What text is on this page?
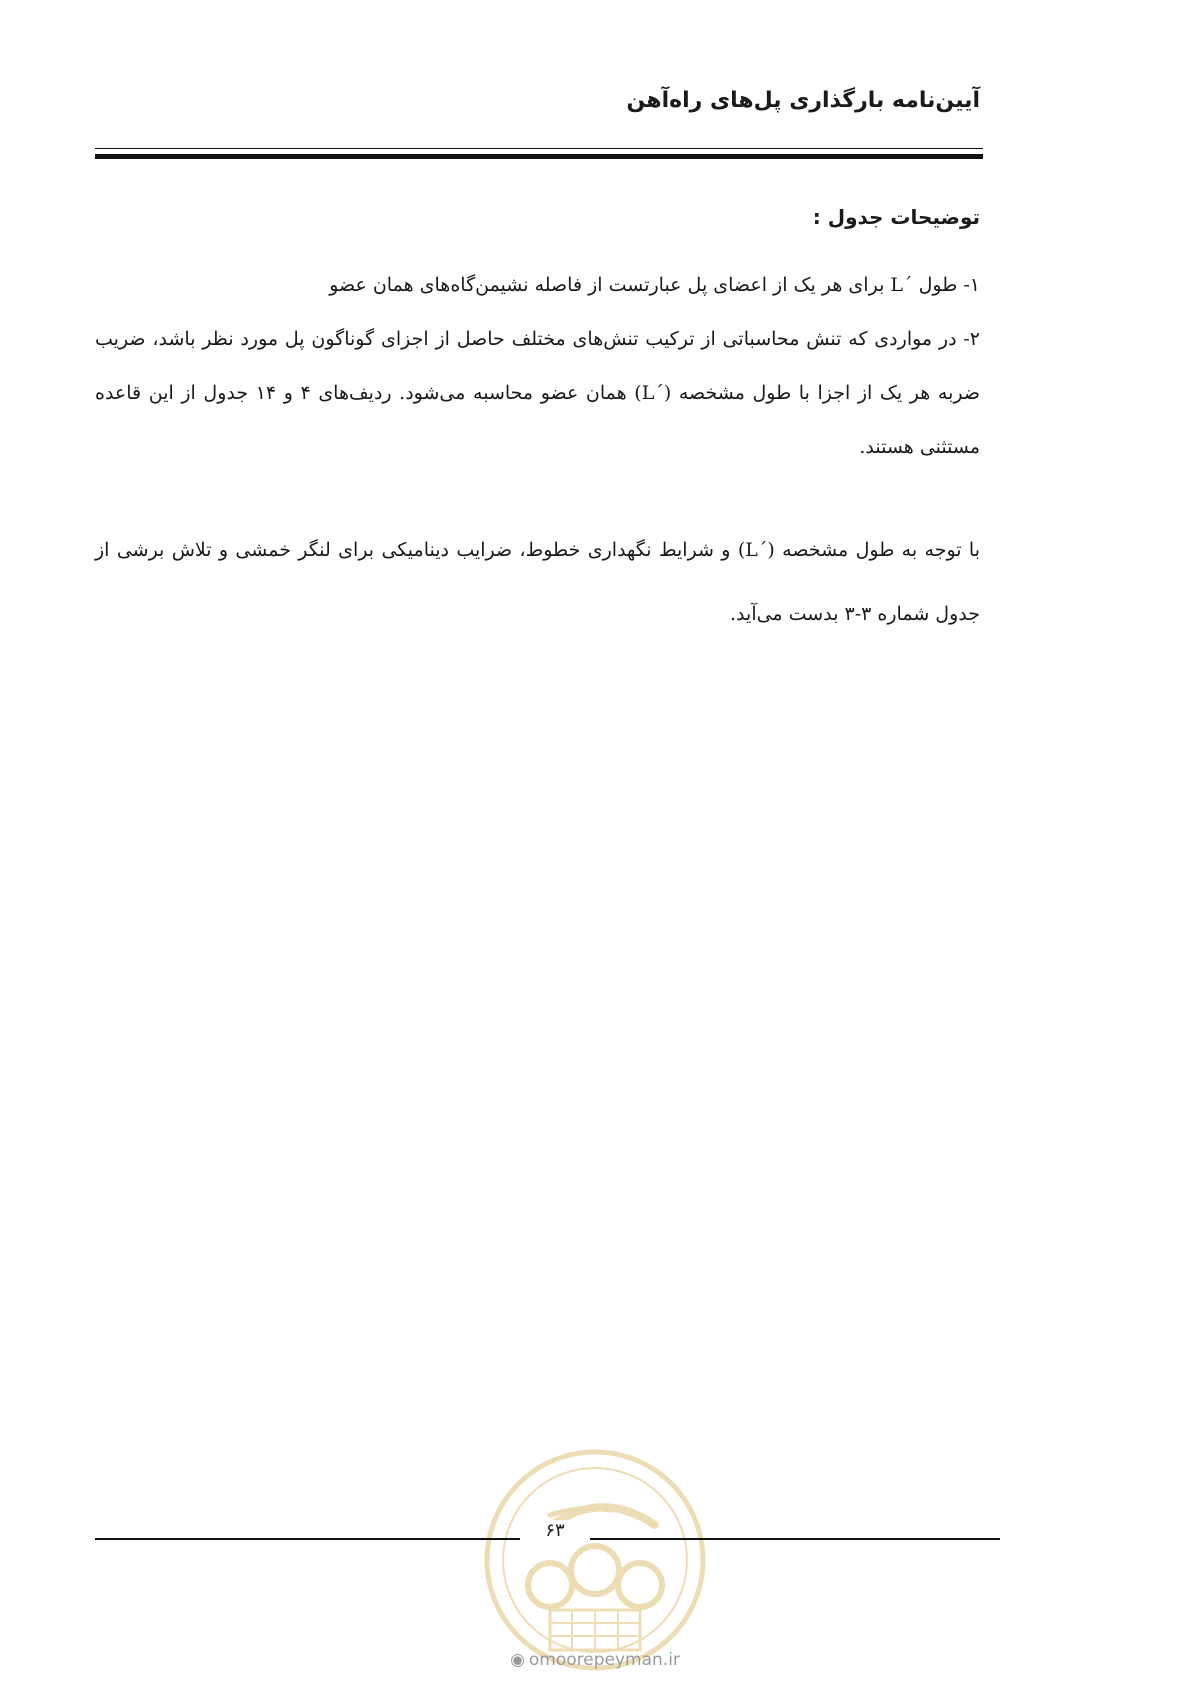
آیین‌نامه بارگذاری پل‌های راه‌آهن
توضیحات جدول :

۱- طول ´L برای هر یک از اعضای پل عبارتست از فاصله نشیمن‌گاه‌های همان عضو

۲- در مواردی که تنش محاسباتی از ترکیب تنش‌های مختلف حاصل از اجزای گوناگون پل مورد نظر باشد، ضریب ضربه هر یک از اجزا با طول مشخصه (´L) همان عضو محاسبه می‌شود. ردیف‌های ۴ و ۱۴ جدول از این قاعده مستثنی هستند.

با توجه به طول مشخصه (´L) و شرایط نگهداری خطوط، ضرایب دینامیکی برای لنگر خمشی و تلاش برشی از جدول شماره ۳-۳ بدست می‌آید.

۶۳
◉ omoorepeyman.ir
